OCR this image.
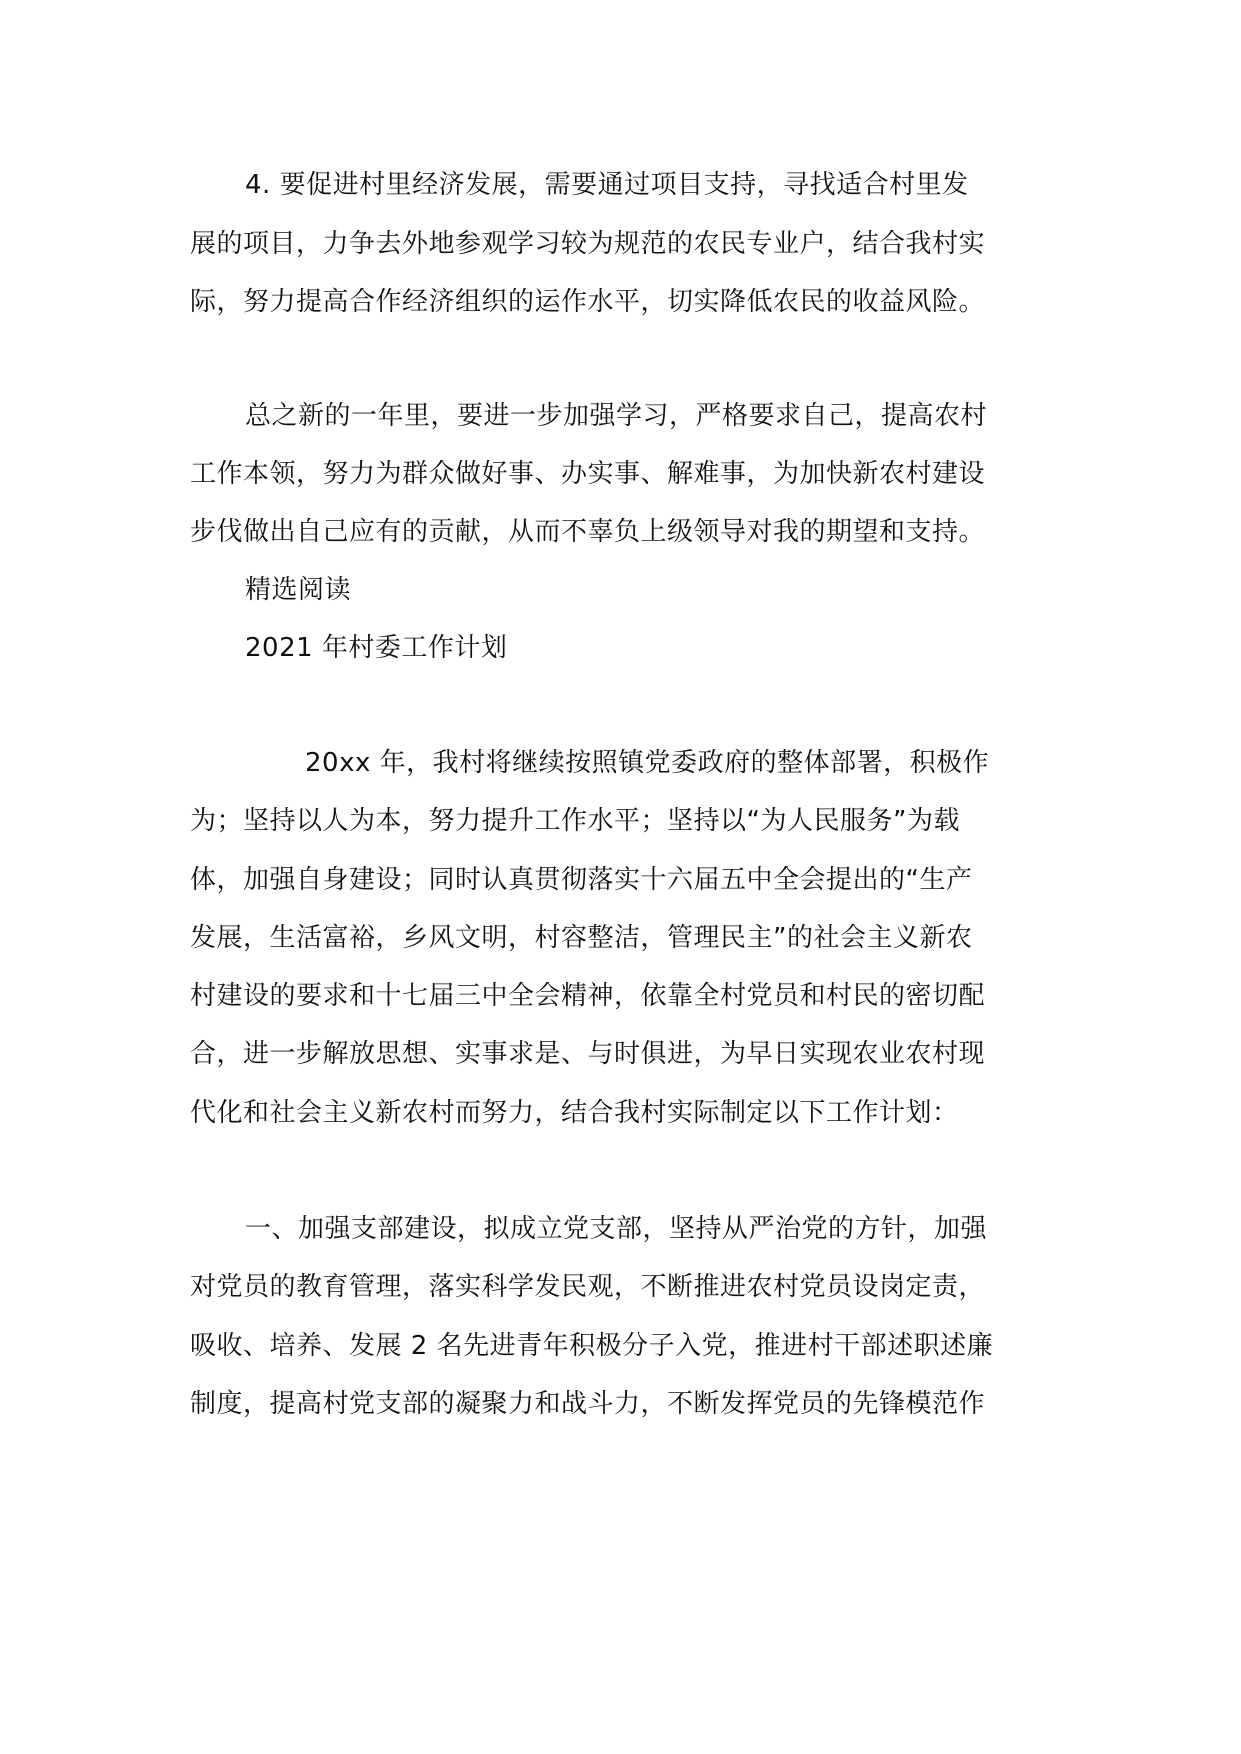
4. 要促进村里经济发展，需要通过项目支持，寻找适合村里发
展的项目，力争去外地参观学习较为规范的农民专业户，结合我村实
际，努力提高合作经济组织的运作水平，切实降低农民的收益风险。
总之新的一年里，要进一步加强学习，严格要求自己，提高农村
工作本领，努力为群众做好事、办实事、解难事，为加快新农村建设
步伐做出自己应有的贡献，从而不辜负上级领导对我的期望和支持。
精选阅读
2021 年村委工作计划
20xx 年，我村将继续按照镇党委政府的整体部署，积极作
为；坚持以人为本，努力提升工作水平；坚持以“为人民服务”为载
体，加强自身建设；同时认真贯彻落实十六届五中全会提出的“生产
发展，生活富裕，乡风文明，村容整洁，管理民主”的社会主义新农
村建设的要求和十七届三中全会精神，依靠全村党员和村民的密切配
合，进一步解放思想、实事求是、与时俱进，为早日实现农业农村现
代化和社会主义新农村而努力，结合我村实际制定以下工作计划：
一、加强支部建设，拟成立党支部，坚持从严治党的方针，加强
对党员的教育管理，落实科学发民观，不断推进农村党员设岗定责，
吸收、培养、发展 2 名先进青年积极分子入党，推进村干部述职述廉
制度，提高村党支部的凝聚力和战斗力，不断发挥党员的先锋模范作
